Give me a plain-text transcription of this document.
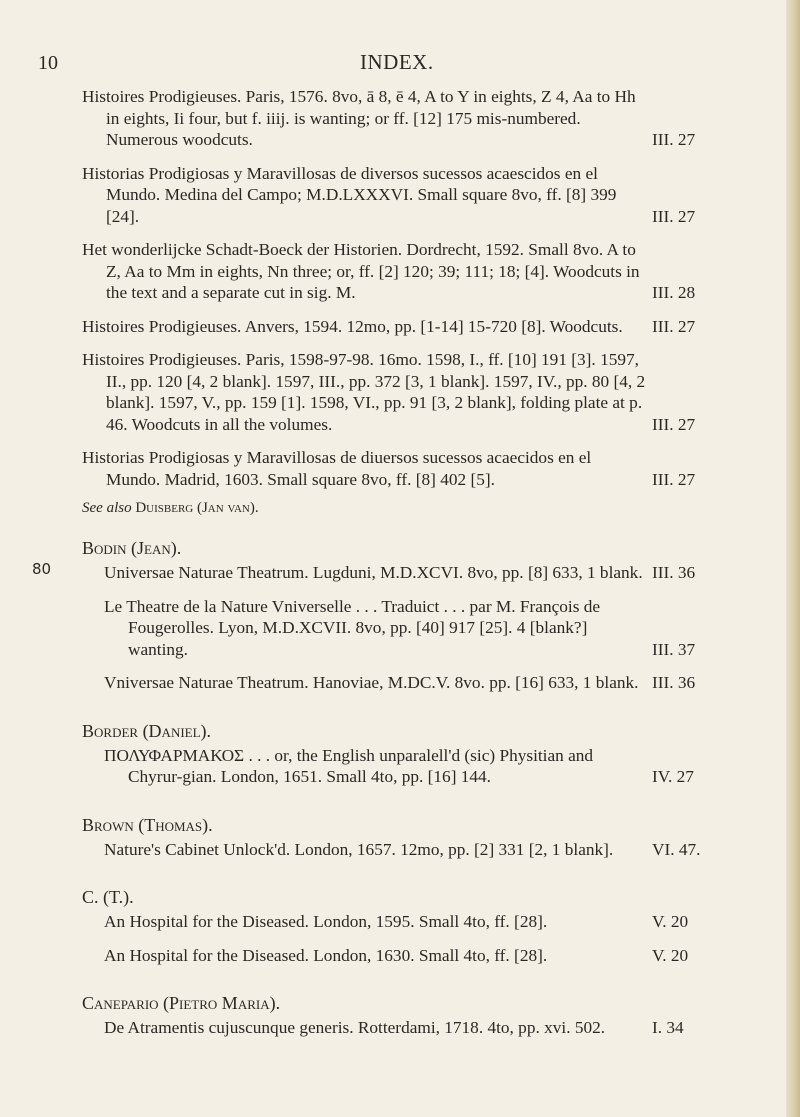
10	INDEX.
Histoires Prodigieuses. Paris, 1576. 8vo, ā 8, ē 4, A to Y in eights, Z 4, Aa to Hh in eights, Ii four, but f. iiij. is wanting; or ff. [12] 175 mis-numbered. Numerous woodcuts.	III. 27
Historias Prodigiosas y Maravillosas de diversos sucessos acaescidos en el Mundo. Medina del Campo; M.D.LXXXVI. Small square 8vo, ff. [8] 399 [24].	III. 27
Het wonderlijcke Schadt-Boeck der Historien. Dordrecht, 1592. Small 8vo. A to Z, Aa to Mm in eights, Nn three; or, ff. [2] 120; 39; 111; 18; [4]. Woodcuts in the text and a separate cut in sig. M.	III. 28
Histoires Prodigieuses. Anvers, 1594. 12mo, pp. [1-14] 15-720 [8]. Woodcuts.	III. 27
Histoires Prodigieuses. Paris, 1598-97-98. 16mo. 1598, I., ff. [10] 191 [3]. 1597, II., pp. 120 [4, 2 blank]. 1597, III., pp. 372 [3, 1 blank]. 1597, IV., pp. 80 [4, 2 blank]. 1597, V., pp. 159 [1]. 1598, VI., pp. 91 [3, 2 blank], folding plate at p. 46. Woodcuts in all the volumes.	III. 27
Historias Prodigiosas y Maravillosas de diuersos sucessos acaecidos en el Mundo. Madrid, 1603. Small square 8vo, ff. [8] 402 [5].	III. 27
See also Duisberg (Jan van).
Bodin (Jean).
80	Universae Naturae Theatrum. Lugduni, M.D.XCVI. 8vo, pp. [8] 633, 1 blank. III. 36
Le Theatre de la Nature Vniverselle . . . Traduict . . . par M. François de Fougerolles. Lyon, M.D.XCVII. 8vo, pp. [40] 917 [25]. 4 [blank?] wanting.	III. 37
Vniversae Naturae Theatrum. Hanoviae, M.DC.V. 8vo. pp. [16] 633, 1 blank. III. 36
Border (Daniel).
ΠΟΛΥΦΑΡΜΑΚΟΣ . . . or, the English unparalell'd (sic) Physitian and Chyrur-gian. London, 1651. Small 4to, pp. [16] 144.	IV. 27
Brown (Thomas).
Nature's Cabinet Unlock'd. London, 1657. 12mo, pp. [2] 331 [2, 1 blank].	VI. 47.
C. (T.).
An Hospital for the Diseased. London, 1595. Small 4to, ff. [28].	V. 20
An Hospital for the Diseased. London, 1630. Small 4to, ff. [28].	V. 20
Canepario (Pietro Maria).
De Atramentis cujuscunque generis. Rotterdami, 1718. 4to, pp. xvi. 502.	I. 34
